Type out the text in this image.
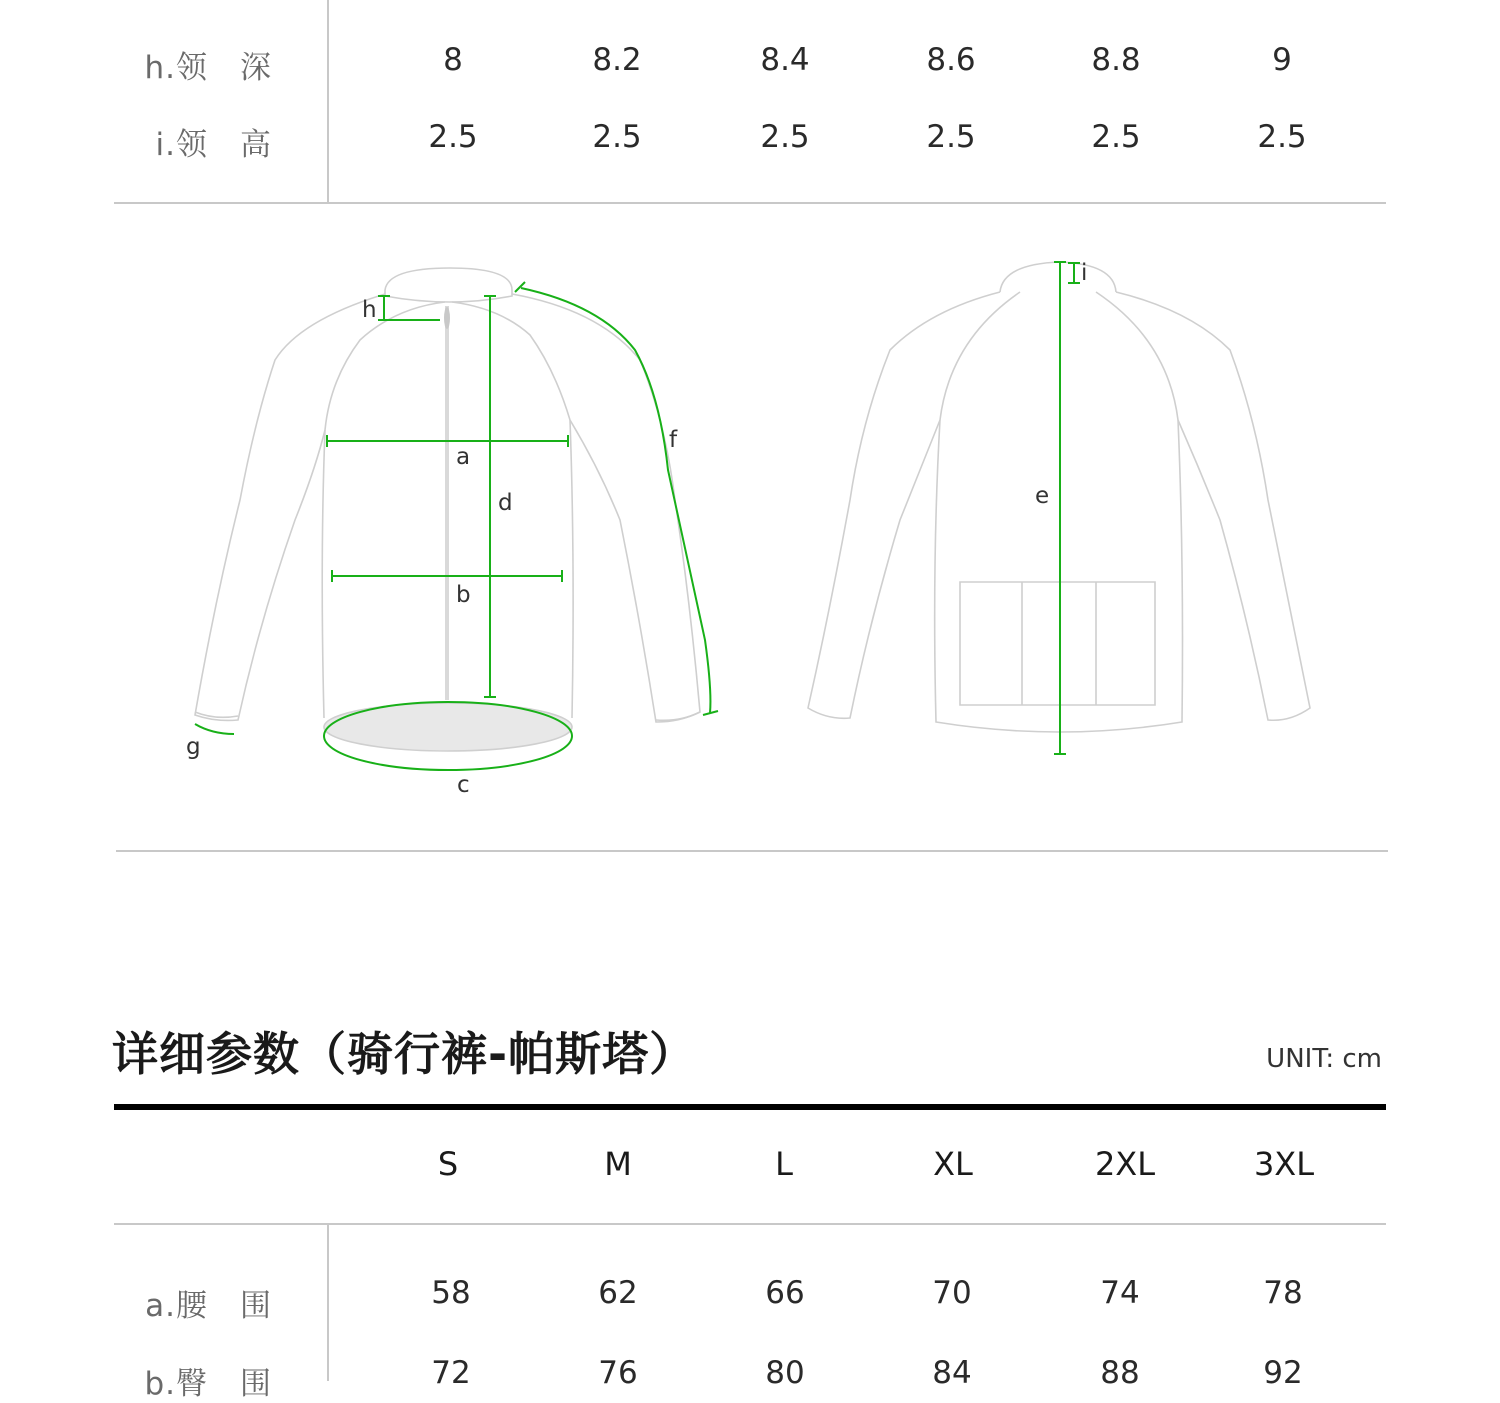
h.领　深	8	8.2	8.4	8.6	8.8	9
i.领　高	2.5	2.5	2.5	2.5	2.5	2.5
a
b
c
d
f
g
h
e
i
详细参数（骑行裤-帕斯塔）	UNIT: cm
S	M	L	XL	2XL	3XL
a.腰　围	58	62	66	70	74	78
b.臀　围	72	76	80	84	88	92
